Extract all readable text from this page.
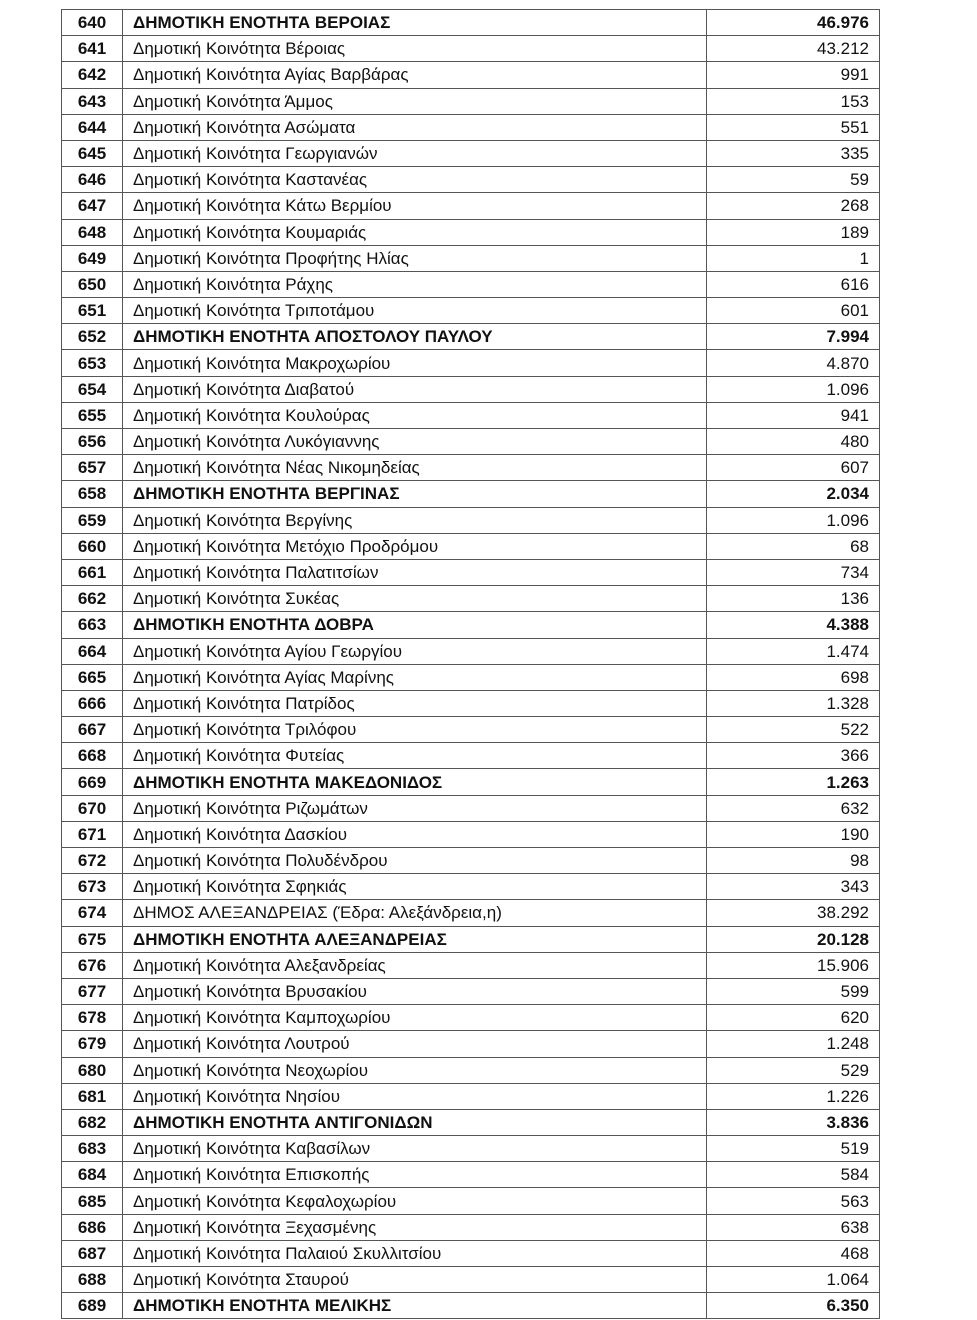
640	ΔΗΜΟΤΙΚΗ ΕΝΟΤΗΤΑ ΒΕΡΟΙΑΣ	46.976
641	Δημοτική Κοινότητα Βέροιας	43.212
642	Δημοτική Κοινότητα Αγίας Βαρβάρας	991
643	Δημοτική Κοινότητα Άμμος	153
644	Δημοτική Κοινότητα Ασώματα	551
645	Δημοτική Κοινότητα Γεωργιανών	335
646	Δημοτική Κοινότητα Καστανέας	59
647	Δημοτική Κοινότητα Κάτω Βερμίου	268
648	Δημοτική Κοινότητα Κουμαριάς	189
649	Δημοτική Κοινότητα Προφήτης Ηλίας	1
650	Δημοτική Κοινότητα Ράχης	616
651	Δημοτική Κοινότητα Τριποτάμου	601
652	ΔΗΜΟΤΙΚΗ ΕΝΟΤΗΤΑ ΑΠΟΣΤΟΛΟΥ ΠΑΥΛΟΥ	7.994
653	Δημοτική Κοινότητα Μακροχωρίου	4.870
654	Δημοτική Κοινότητα Διαβατού	1.096
655	Δημοτική Κοινότητα Κουλούρας	941
656	Δημοτική Κοινότητα Λυκόγιαννης	480
657	Δημοτική Κοινότητα Νέας Νικομηδείας	607
658	ΔΗΜΟΤΙΚΗ ΕΝΟΤΗΤΑ ΒΕΡΓΙΝΑΣ	2.034
659	Δημοτική Κοινότητα Βεργίνης	1.096
660	Δημοτική Κοινότητα Μετόχιο Προδρόμου	68
661	Δημοτική Κοινότητα Παλατιτσίων	734
662	Δημοτική Κοινότητα Συκέας	136
663	ΔΗΜΟΤΙΚΗ ΕΝΟΤΗΤΑ ΔΟΒΡΑ	4.388
664	Δημοτική Κοινότητα Αγίου Γεωργίου	1.474
665	Δημοτική Κοινότητα Αγίας Μαρίνης	698
666	Δημοτική Κοινότητα Πατρίδος	1.328
667	Δημοτική Κοινότητα Τριλόφου	522
668	Δημοτική Κοινότητα Φυτείας	366
669	ΔΗΜΟΤΙΚΗ ΕΝΟΤΗΤΑ ΜΑΚΕΔΟΝΙΔΟΣ	1.263
670	Δημοτική Κοινότητα Ριζωμάτων	632
671	Δημοτική Κοινότητα Δασκίου	190
672	Δημοτική Κοινότητα Πολυδένδρου	98
673	Δημοτική Κοινότητα Σφηκιάς	343
674	ΔΗΜΟΣ ΑΛΕΞΑΝΔΡΕΙΑΣ (Έδρα: Αλεξάνδρεια,η)	38.292
675	ΔΗΜΟΤΙΚΗ ΕΝΟΤΗΤΑ ΑΛΕΞΑΝΔΡΕΙΑΣ	20.128
676	Δημοτική Κοινότητα Αλεξανδρείας	15.906
677	Δημοτική Κοινότητα Βρυσακίου	599
678	Δημοτική Κοινότητα Καμποχωρίου	620
679	Δημοτική Κοινότητα Λουτρού	1.248
680	Δημοτική Κοινότητα Νεοχωρίου	529
681	Δημοτική Κοινότητα Νησίου	1.226
682	ΔΗΜΟΤΙΚΗ ΕΝΟΤΗΤΑ ΑΝΤΙΓΟΝΙΔΩΝ	3.836
683	Δημοτική Κοινότητα Καβασίλων	519
684	Δημοτική Κοινότητα Επισκοπής	584
685	Δημοτική Κοινότητα Κεφαλοχωρίου	563
686	Δημοτική Κοινότητα Ξεχασμένης	638
687	Δημοτική Κοινότητα Παλαιού Σκυλλιτσίου	468
688	Δημοτική Κοινότητα Σταυρού	1.064
689	ΔΗΜΟΤΙΚΗ ΕΝΟΤΗΤΑ ΜΕΛΙΚΗΣ	6.350
